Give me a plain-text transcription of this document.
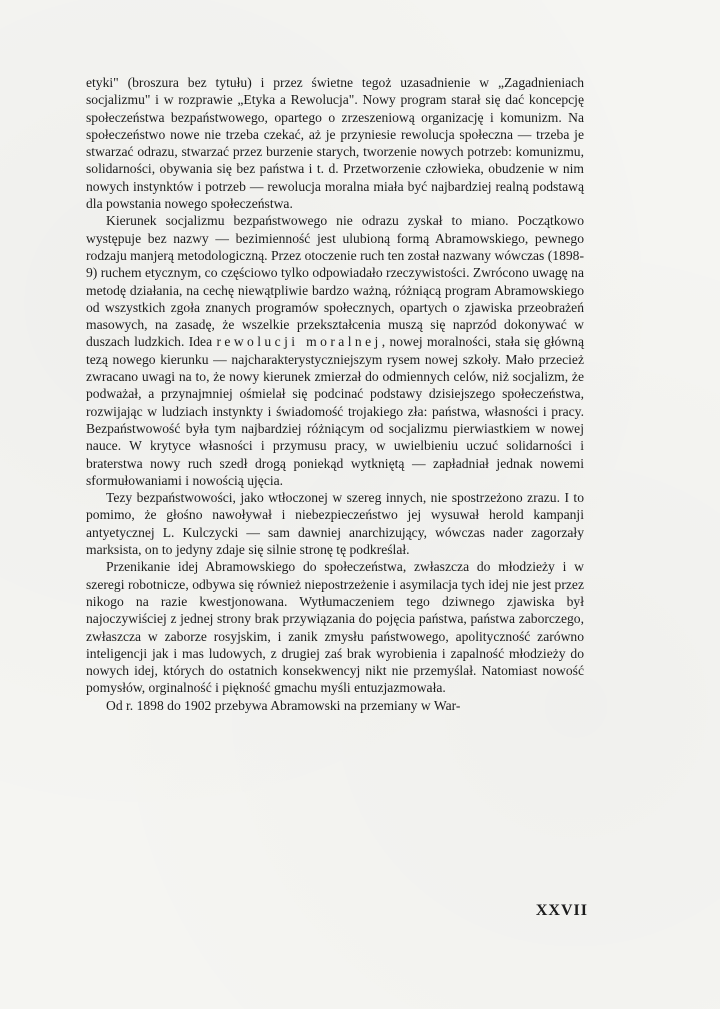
etyki" (broszura bez tytułu) i przez świetne tegoż uzasadnienie w „Zagadnieniach socjalizmu" i w rozprawie „Etyka a Rewolucja". Nowy program starał się dać koncepcję społeczeństwa bezpaństwowego, opartego o zrzeszeniową organizację i komunizm. Na społeczeństwo nowe nie trzeba czekać, aż je przyniesie rewolucja społeczna — trzeba je stwarzać odrazu, stwarzać przez burzenie starych, tworzenie nowych potrzeb: komunizmu, solidarności, obywania się bez państwa i t. d. Przetworzenie człowieka, obudzenie w nim nowych instynktów i potrzeb — rewolucja moralna miała być najbardziej realną podstawą dla powstania nowego społeczeństwa.

Kierunek socjalizmu bezpaństwowego nie odrazu zyskał to miano. Początkowo występuje bez nazwy — bezimienność jest ulubioną formą Abramowskiego, pewnego rodzaju manjerą metodologiczną. Przez otoczenie ruch ten został nazwany wówczas (1898-9) ruchem etycznym, co częściowo tylko odpowiadało rzeczywistości. Zwrócono uwagę na metodę działania, na cechę niewątpliwie bardzo ważną, różniącą program Abramowskiego od wszystkich zgoła znanych programów społecznych, opartych o zjawiska przeobrażeń masowych, na zasadę, że wszelkie przekształcenia muszą się naprzód dokonywać w duszach ludzkich. Idea rewolucji moralnej, nowej moralności, stała się główną tezą nowego kierunku — najcharakterystyczniejszym rysem nowej szkoły. Mało przecież zwracano uwagi na to, że nowy kierunek zmierzał do odmiennych celów, niż socjalizm, że podważał, a przynajmniej ośmielał się podcinać podstawy dzisiejszego społeczeństwa, rozwijając w ludziach instynkty i świadomość trojakiego zła: państwa, własności i pracy. Bezpaństwowość była tym najbardziej różniącym od socjalizmu pierwiastkiem w nowej nauce. W krytyce własności i przymusu pracy, w uwielbieniu uczuć solidarności i braterstwa nowy ruch szedł drogą poniekąd wytkniętą — zapładniał jednak nowemi sformułowaniami i nowością ujęcia.

Tezy bezpaństwowości, jako wtłoczonej w szereg innych, nie spostrzeżono zrazu. I to pomimo, że głośno nawoływał i niebezpieczeństwo jej wysuwał herold kampanji antyetycznej L. Kulczycki — sam dawniej anarchizujący, wówczas nader zagorzały marksista, on to jedyny zdaje się silnie stronę tę podkreślał.

Przenikanie idej Abramowskiego do społeczeństwa, zwłaszcza do młodzieży i w szeregi robotnicze, odbywa się również niepostrzeżenie i asymilacja tych idej nie jest przez nikogo na razie kwestjonowana. Wytłumaczeniem tego dziwnego zjawiska był najoczywiściej z jednej strony brak przywiązania do pojęcia państwa, państwa zaborczego, zwłaszcza w zaborze rosyjskim, i zanik zmysłu państwowego, apolityczność zarówno inteligencji jak i mas ludowych, z drugiej zaś brak wyrobienia i zapalność młodzieży do nowych idej, których do ostatnich konsekwencyj nikt nie przemyślał. Natomiast nowość pomysłów, orginalność i piękność gmachu myśli entuzjazmowała.

Od r. 1898 do 1902 przebywa Abramowski na przemiany w War-

XXVII
